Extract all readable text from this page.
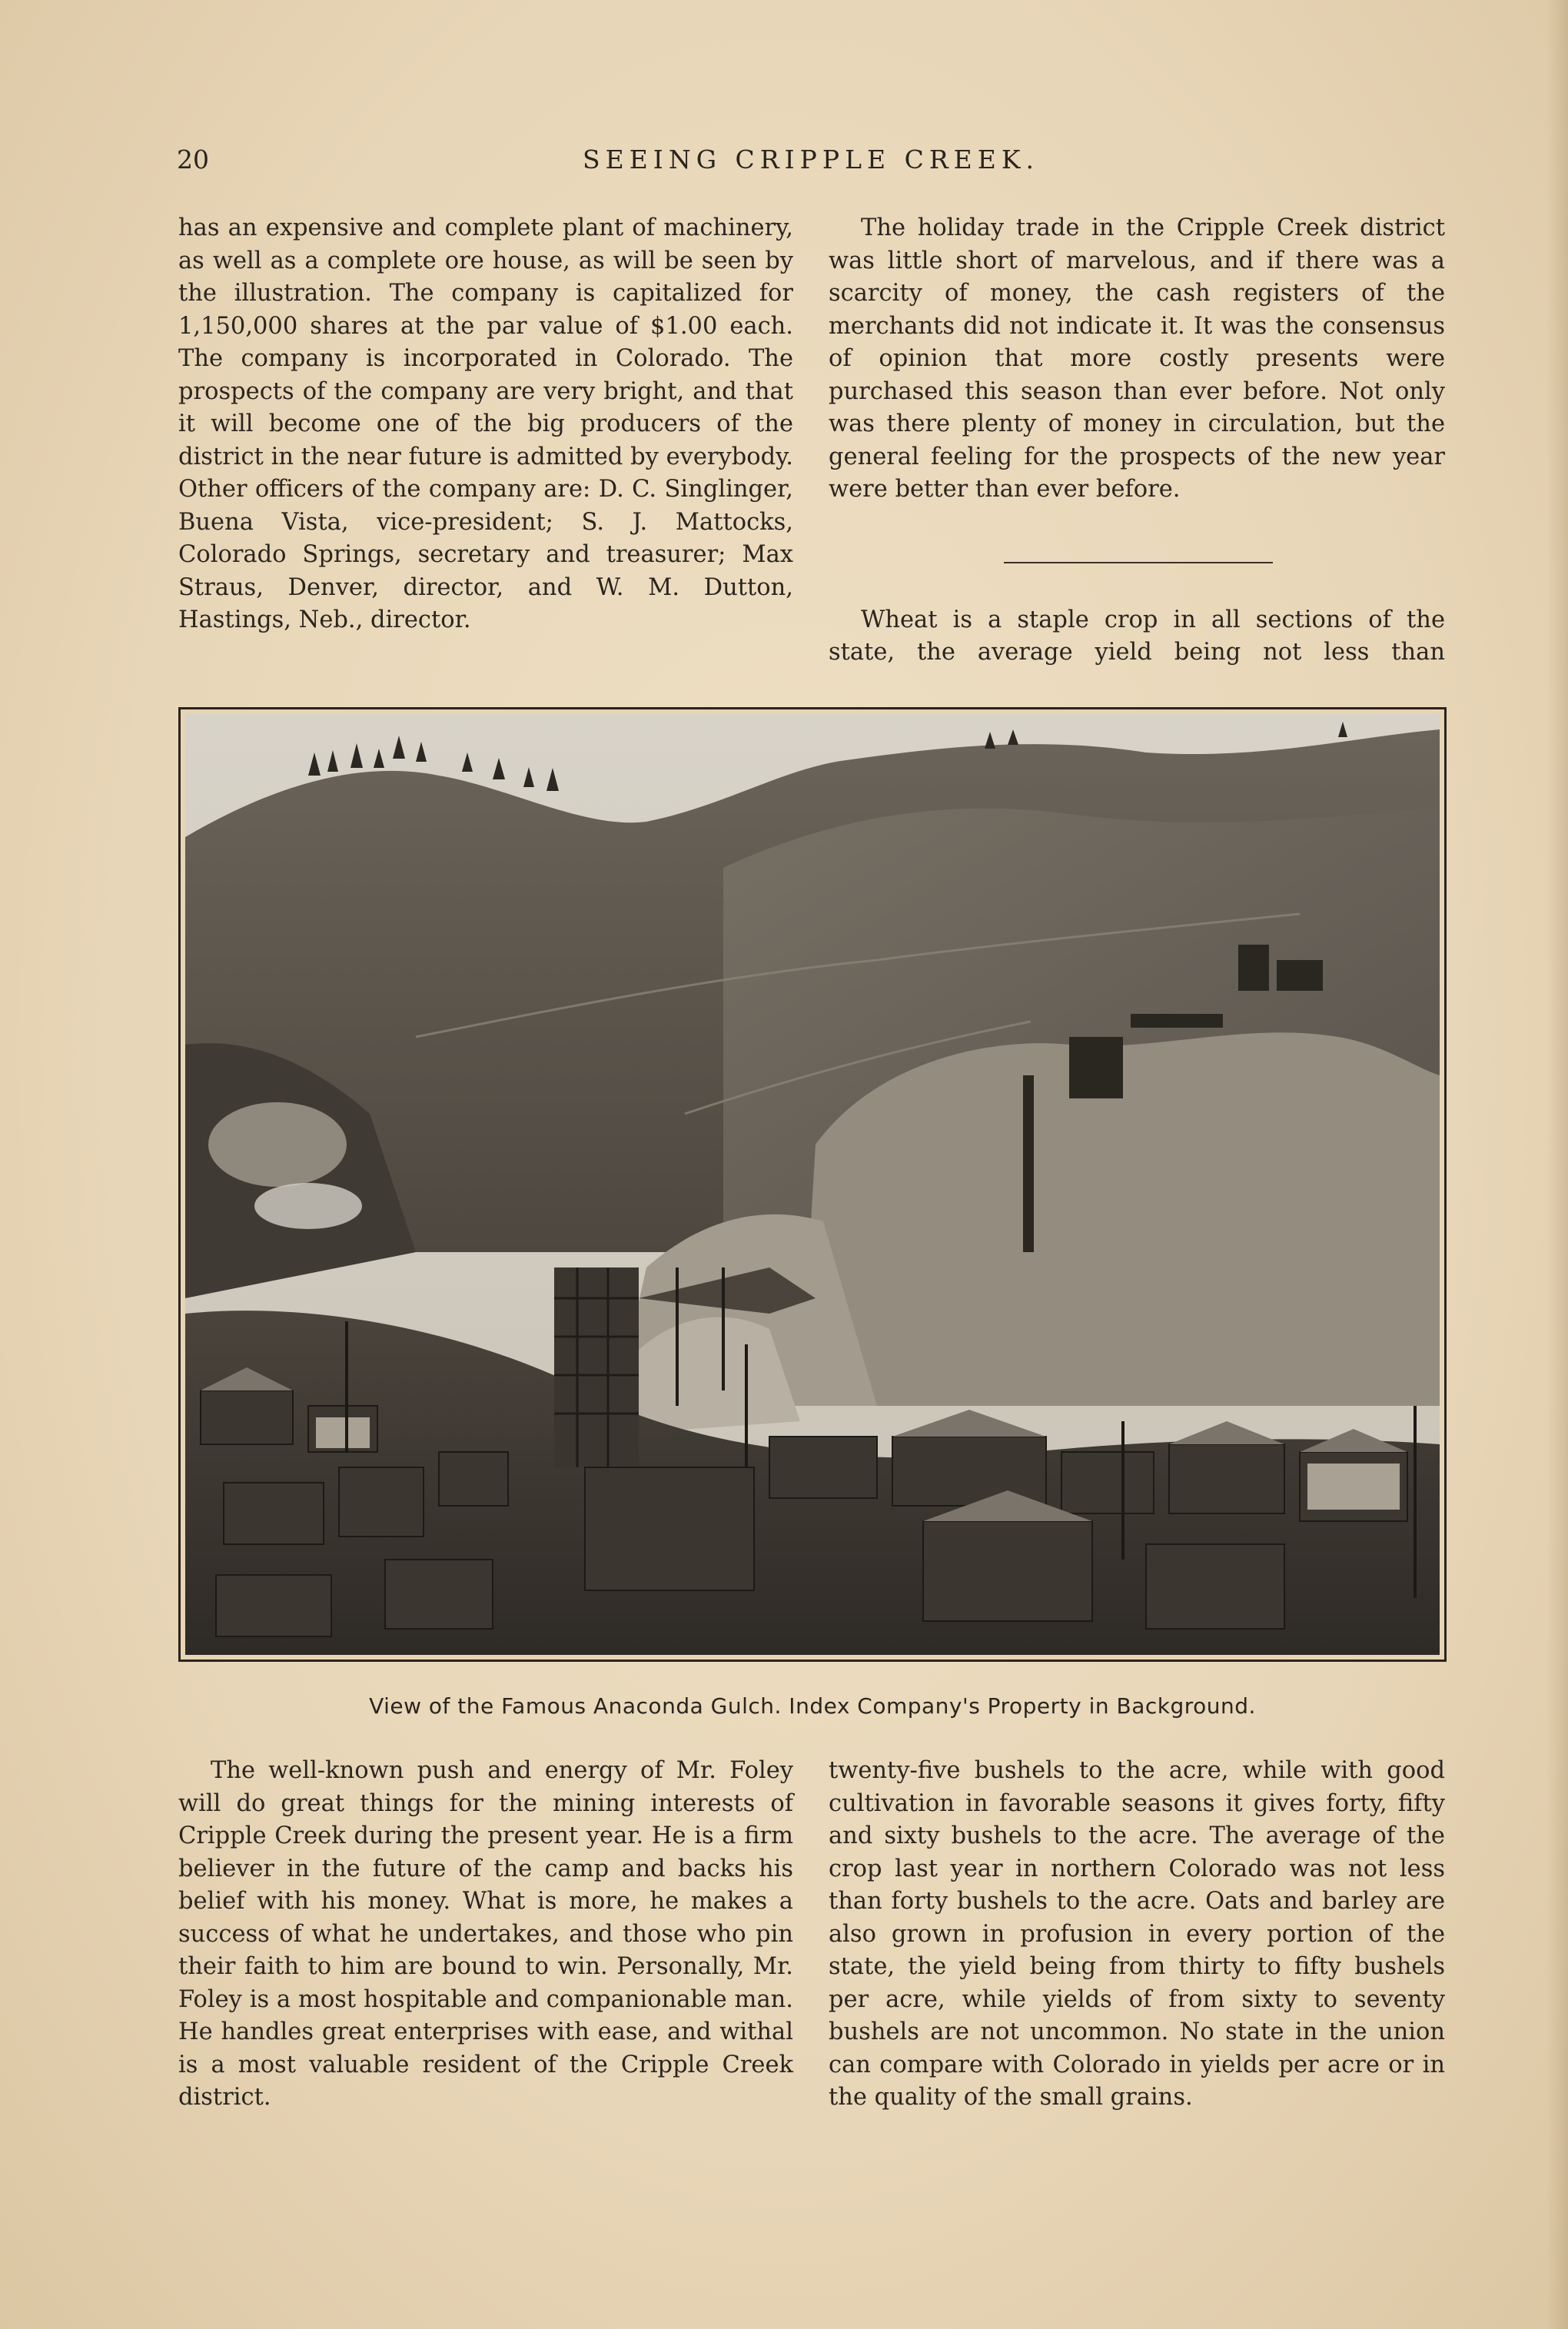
20	SEEING CRIPPLE CREEK.

has an expensive and complete plant of machinery, as well as a complete ore house, as will be seen by the illustration. The company is capitalized for 1,150,000 shares at the par value of $1.00 each. The company is incorporated in Colorado. The prospects of the company are very bright, and that it will become one of the big producers of the district in the near future is admitted by everybody. Other officers of the company are: D. C. Singlinger, Buena Vista, vice-president; S. J. Mattocks, Colorado Springs, secretary and treasurer; Max Straus, Denver, director, and W. M. Dutton, Hastings, Neb., director.

The holiday trade in the Cripple Creek district was little short of marvelous, and if there was a scarcity of money, the cash registers of the merchants did not indicate it. It was the consensus of opinion that more costly presents were purchased this season than ever before. Not only was there plenty of money in circulation, but the general feeling for the prospects of the new year were better than ever before.

Wheat is a staple crop in all sections of the state, the average yield being not less than

View of the Famous Anaconda Gulch. Index Company's Property in Background.

The well-known push and energy of Mr. Foley will do great things for the mining interests of Cripple Creek during the present year. He is a firm believer in the future of the camp and backs his belief with his money. What is more, he makes a success of what he undertakes, and those who pin their faith to him are bound to win. Personally, Mr. Foley is a most hospitable and companionable man. He handles great enterprises with ease, and withal is a most valuable resident of the Cripple Creek district.

twenty-five bushels to the acre, while with good cultivation in favorable seasons it gives forty, fifty and sixty bushels to the acre. The average of the crop last year in northern Colorado was not less than forty bushels to the acre. Oats and barley are also grown in profusion in every portion of the state, the yield being from thirty to fifty bushels per acre, while yields of from sixty to seventy bushels are not uncommon. No state in the union can compare with Colorado in yields per acre or in the quality of the small grains.
